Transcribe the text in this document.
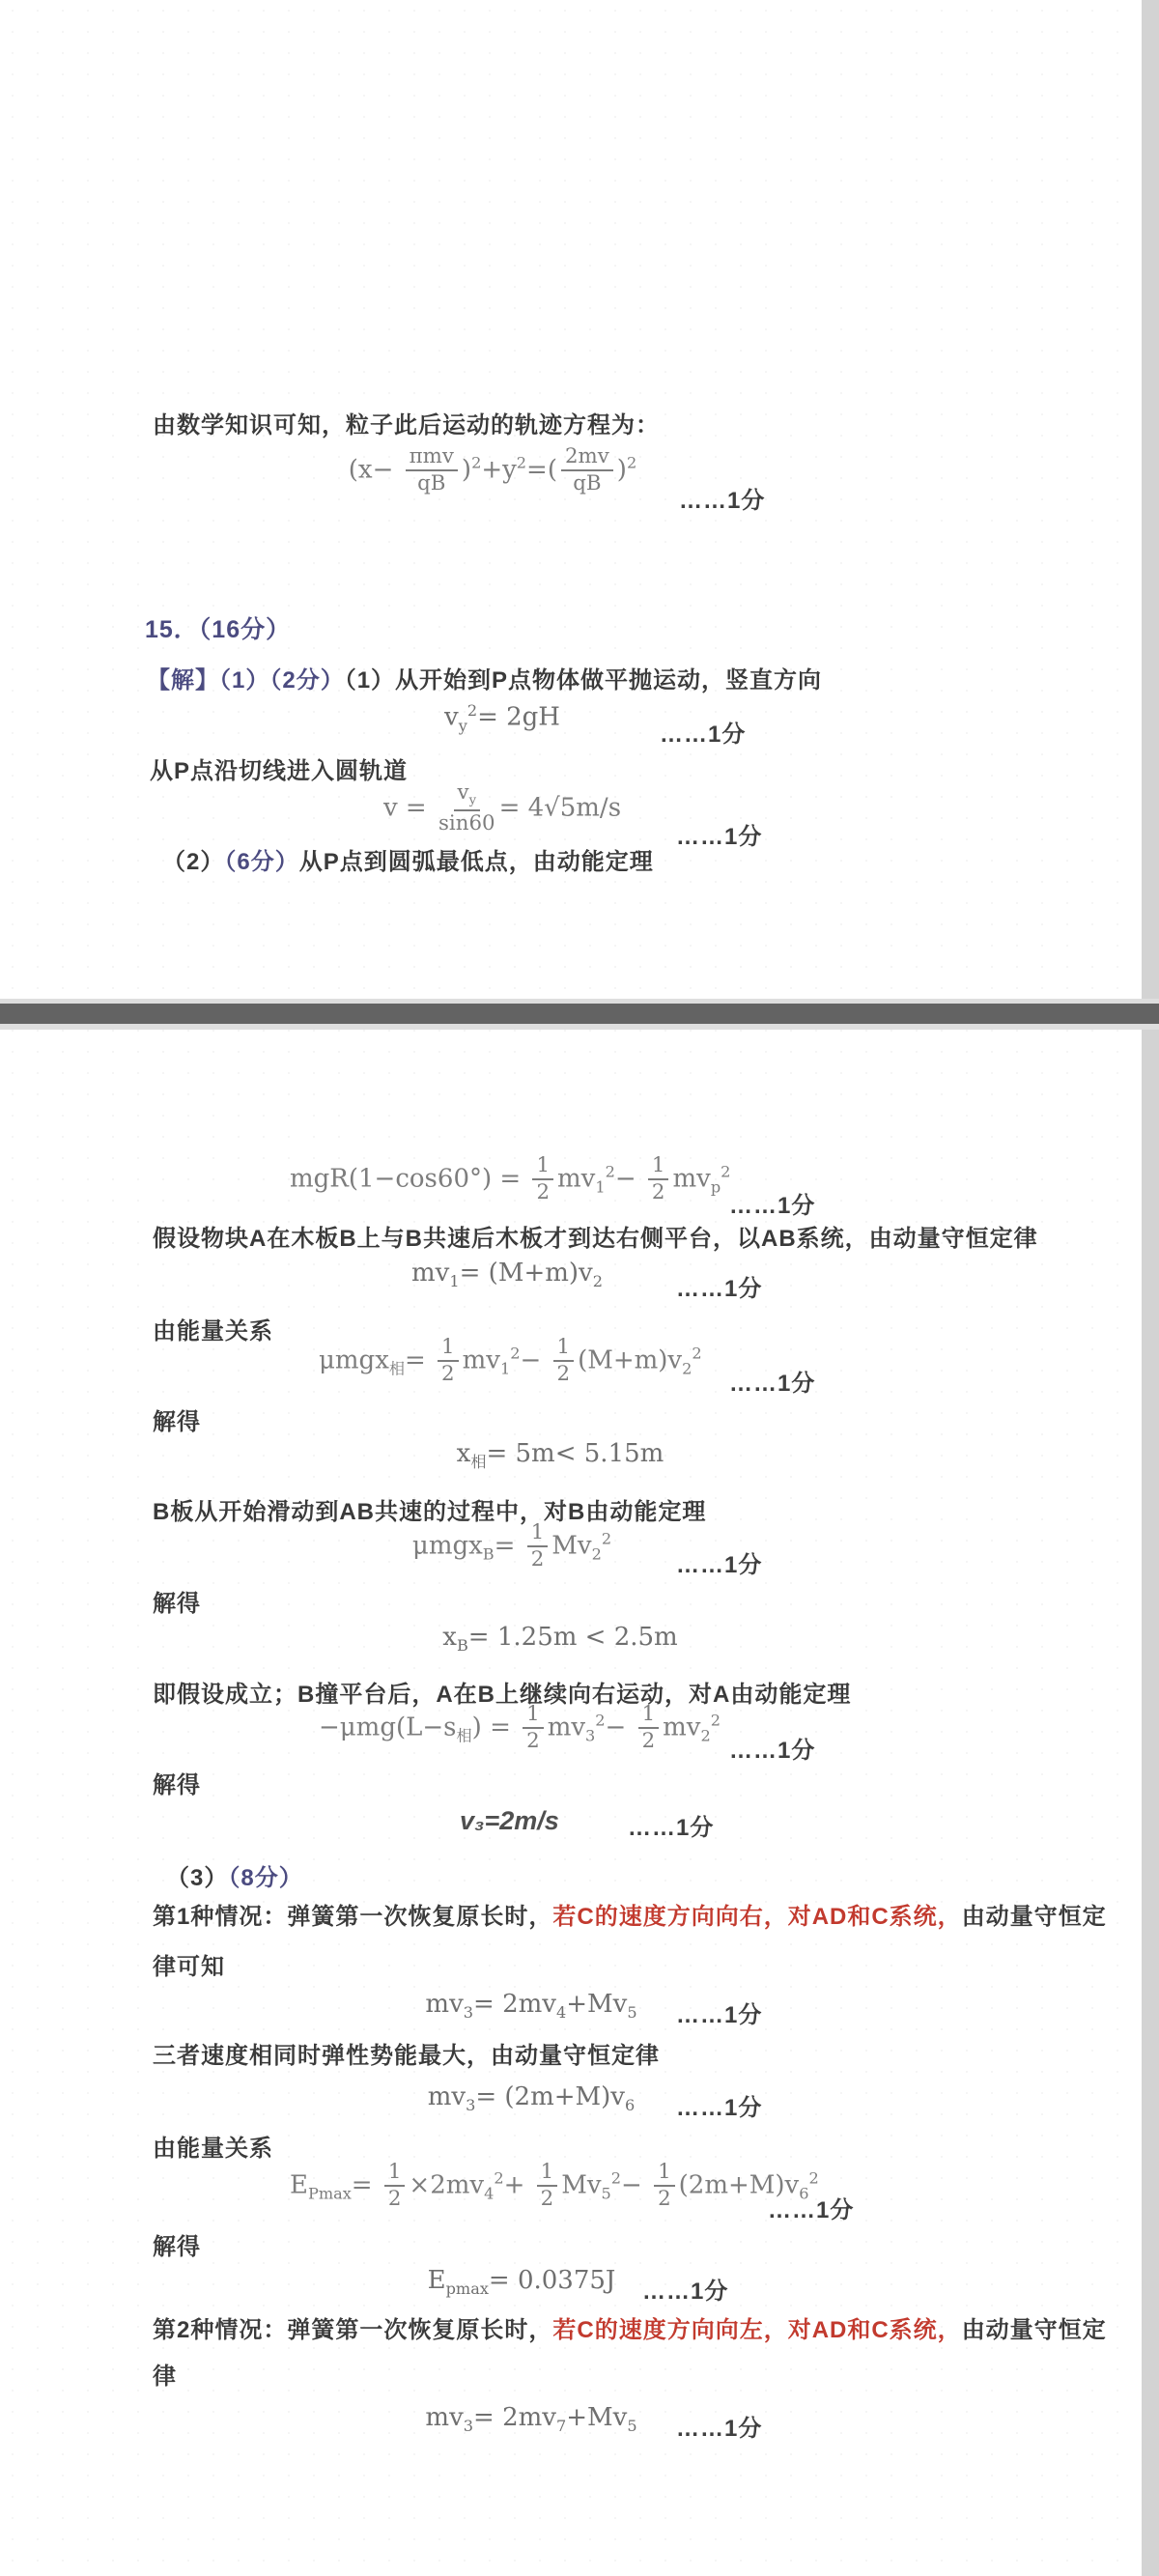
由数学知识可知，粒子此后运动的轨迹方程为：
$(x- \frac{\text{πmv}}{qB} )^2+y^2=( \frac{2mv}{qB} )^2$
……1分
15．（16分）
【解】（1）（2分）（1）从开始到P点物体做平抛运动，竖直方向
$v_y^2= 2gH$
……1分
从P点沿切线进入圆轨道
$v = \frac{v_y}{\sin 60} = 4√5m/s$
……1分
（2）（6分）从P点到圆弧最低点，由动能定理
$mgR(1-\cos 60^\circ) = \frac{1}{2} mv_1^2- \frac{1}{2} mv_p^2$
……1分
假设物块A在木板B上与B共速后木板才到达右侧平台，以AB系统，由动量守恒定律
$mv_1= (M+m)v_2$	……1分
由能量关系
$\mu mgx_相= \frac{1}{2} mv_1^2- \frac{1}{2} (M+m)v_2^2$
……1分
解得
$x_相= 5m< 5.15m$
B板从开始滑动到AB共速的过程中，对B由动能定理
$\mu mgx_B= \frac{1}{2} Mv_2^2$
……1分
解得
$x_B= 1.25m < 2.5m$
即假设成立；B撞平台后，A在B上继续向右运动，对A由动能定理
$-\mu mg(L-s_相) = \frac{1}{2} mv_3^2- \frac{1}{2} mv_2^2$
……1分
解得
v₃=2m/s	……1分
（3）（8分）
第1种情况：弹簧第一次恢复原长时，若C的速度方向向右，对AD和C系统，由动量守恒定
律可知
$mv_3= 2mv_4+Mv_5$	……1分
三者速度相同时弹性势能最大，由动量守恒定律
$mv_3= (2m+M)v_6$	……1分
由能量关系
$E_{Pmax}= \frac{1}{2} \times 2mv_4^2+ \frac{1}{2} Mv_5^2- \frac{1}{2} (2m+M)v_6^2$
……1分
解得
$E_{pmax}= 0.0375J$	……1分
第2种情况：弹簧第一次恢复原长时，若C的速度方向向左，对AD和C系统，由动量守恒定
律
$mv_3= 2mv_7+Mv_5$	……1分
